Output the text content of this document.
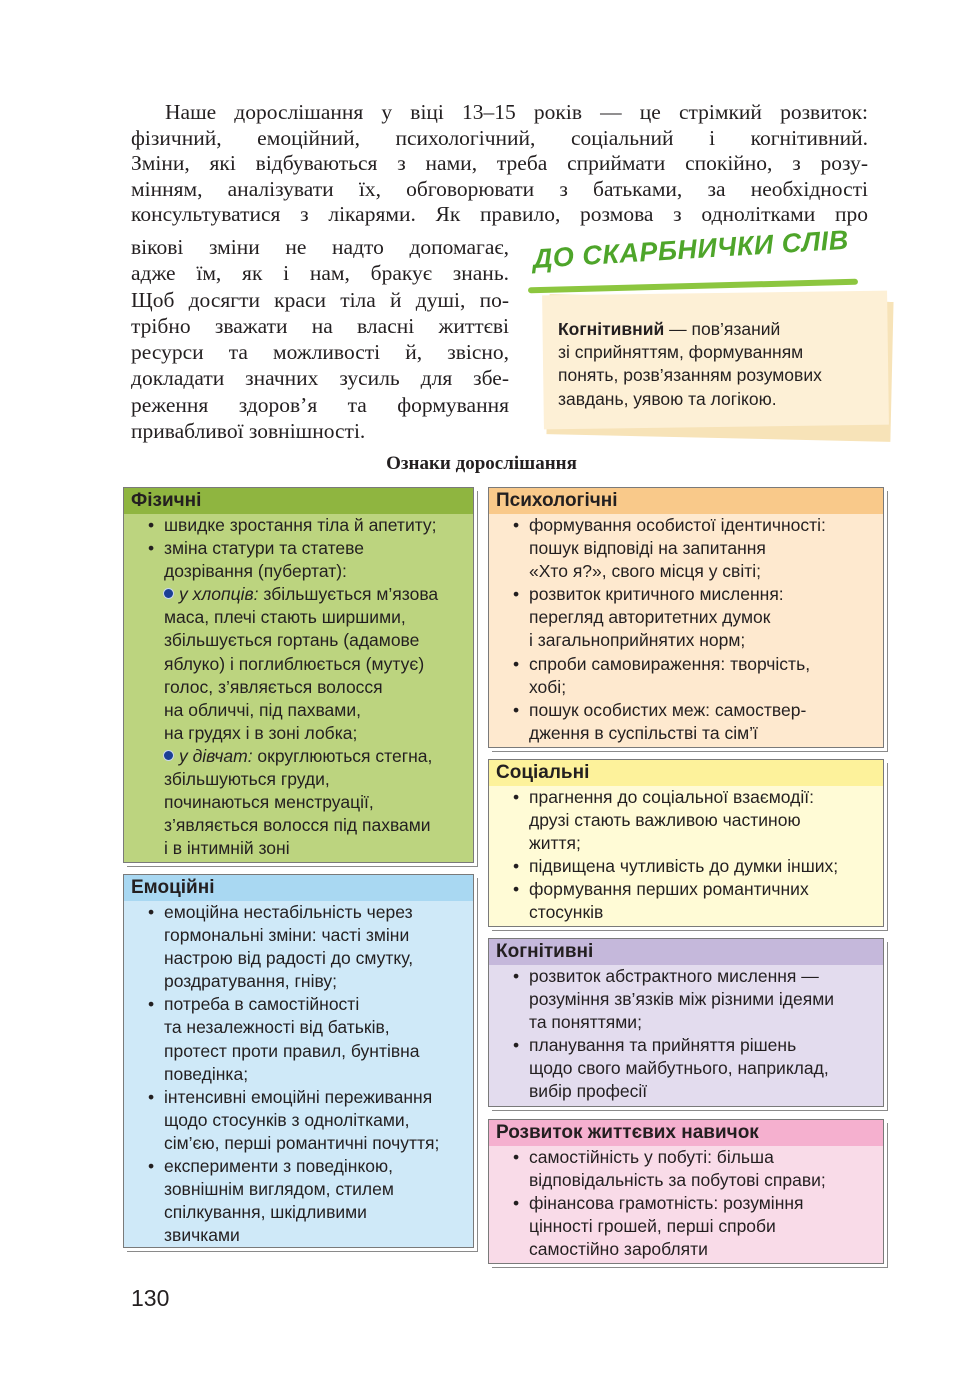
Наше дорослішання у віці 13–15 років — це стрімкий розвиток:
фізичний, емоційний, психологічний, соціальний і когнітивний.
Зміни, які відбуваються з нами, треба сприймати спокійно, з розу-
мінням, аналізувати їх, обговорювати з батьками, за необхідності
консультуватися з лікарями. Як правило, розмова з однолітками про
вікові зміни не надто допомагає,
адже їм, як і нам, бракує знань.
Щоб досягти краси тіла й душі, по-
трібно зважати на власні життєві
ресурси та можливості й, звісно,
докладати значних зусиль для збе-
реження здоров’я та формування
привабливої зовнішності.
ДО СКАРБНИЧКИ СЛІВ
Когнітивний — пов’язаний
зі сприйняттям, формуванням
понять, розв’язанням розумових
завдань, уявою та логікою.
Ознаки дорослішання
Фізичні
• швидке зростання тіла й апетиту;
• зміна статури та статеве
дозрівання (пубертат):

у хлопців: збільшується м’язова
маса, плечі стають ширшими,
збільшується гортань (адамове
яблуко) і поглиблюється (мутує)
голос, з’являється волосся
на обличчі, під пахвами,
на грудях і в зоні лобка;

у дівчат: округлюються стегна,
збільшуються груди,
починаються менструації,
з’являється волосся під пахвами
і в інтимній зоні
Емоційні
• емоційна нестабільність через
гормональні зміни: часті зміни
настрою від радості до смутку,
роздратування, гніву;
• потреба в самостійності
та незалежності від батьків,
протест проти правил, бунтівна
поведінка;
• інтенсивні емоційні переживання
щодо стосунків з однолітками,
сім’єю, перші романтичні почуття;
• експерименти з поведінкою,
зовнішнім виглядом, стилем
спілкування, шкідливими
звичками
Психологічні
• формування особистої ідентичності:
пошук відповіді на запитання
«Хто я?», свого місця у світі;
• розвиток критичного мислення:
перегляд авторитетних думок
і загальноприйнятих норм;
• спроби самовираження: творчість,
хобі;
• пошук особистих меж: самоствер-
дження в суспільстві та сім’ї
Соціальні
• прагнення до соціальної взаємодії:
друзі стають важливою частиною
життя;
• підвищена чутливість до думки інших;
• формування перших романтичних
стосунків
Когнітивні
• розвиток абстрактного мислення —
розуміння зв’язків між різними ідеями
та поняттями;
• планування та прийняття рішень
щодо свого майбутнього, наприклад,
вибір професії
Розвиток життєвих навичок
• самостійність у побуті: більша
відповідальність за побутові справи;
• фінансова грамотність: розуміння
цінності грошей, перші спроби
самостійно заробляти
130
